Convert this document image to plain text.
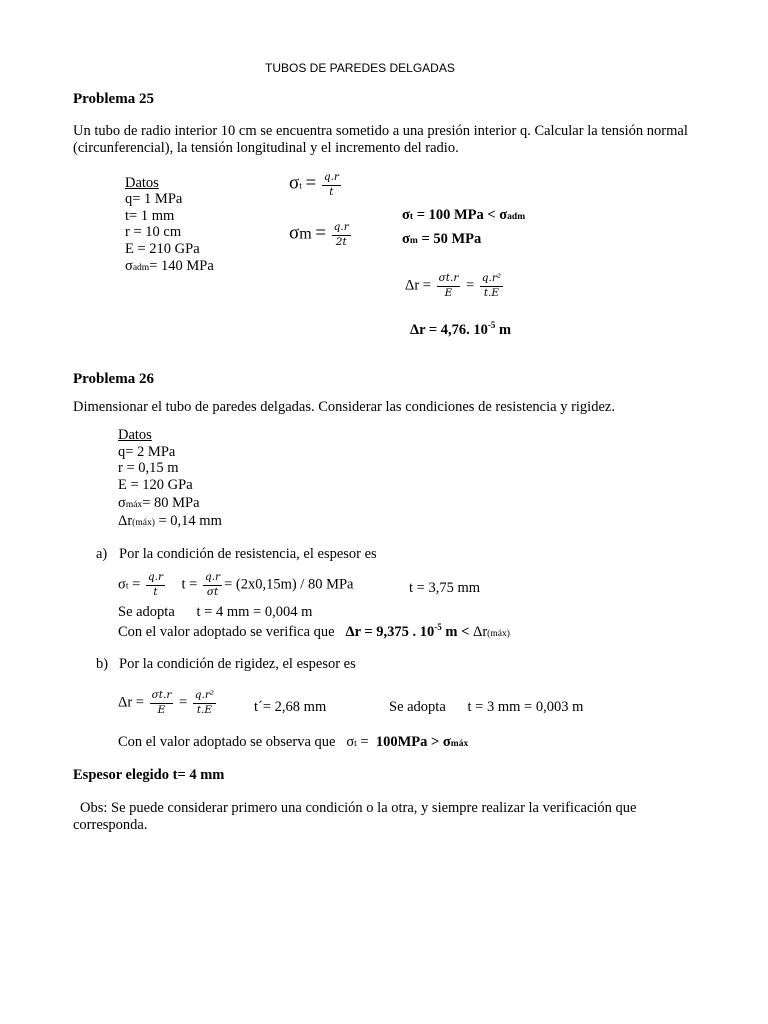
TUBOS DE PAREDES DELGADAS
Problema 25
Un tubo de radio interior 10 cm se encuentra sometido a una presión interior q. Calcular la tensión normal (circunferencial), la tensión longitudinal y el incremento del radio.
Datos
q= 1 MPa
t= 1 mm
r = 10 cm
E = 210 GPa
σadm= 140 MPa
$\sigma t = \frac{q.r}{t}$
$\sigma m = \frac{q.r}{2t}$
σt = 100 MPa < σadm
σm = 50 MPa
$\Delta r = \frac{\sigma t.r}{E} = \frac{\text{q.r²}}{t.E}$
Δr = 4,76. $10^{-5}$ m
Problema 26
Dimensionar el tubo de paredes delgadas. Considerar las condiciones de resistencia y rigidez.
Datos
q= 2 MPa
r = 0,15 m
E = 120 GPa
σmáx= 80 MPa
Δr(máx) = 0,14 mm
a) Por la condición de resistencia, el espesor es
$\sigma t = \frac{q.r}{t}$ $t = \frac{q.r}{\sigma t} = (2x0,15m) / 80$ MPa	t = 3,75 mm
Se adopta      t = 4 mm = 0,004 m
Con el valor adoptado se verifica que Δr = 9,375 . $10^{-5}$ m < Δr(máx)
b) Por la condición de rigidez, el espesor es
$\Delta r = \frac{\sigma t.r}{E} = \frac{\text{q.r²}}{t.E}$	t´= 2,68 mm	Se adopta      t = 3 mm = 0,003 m
Con el valor adoptado se observa que σt = 100MPa > σmáx
Espesor elegido t= 4 mm
Obs: Se puede considerar primero una condición o la otra, y siempre realizar la verificación que corresponda.
